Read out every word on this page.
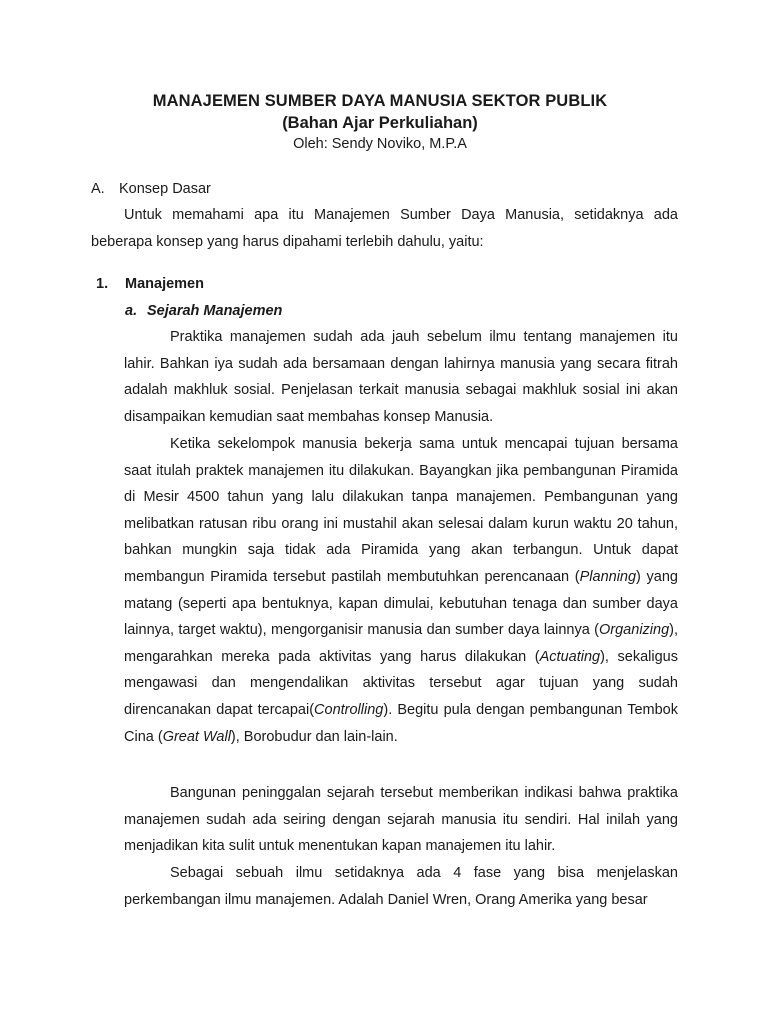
MANAJEMEN SUMBER DAYA MANUSIA SEKTOR PUBLIK

(Bahan Ajar Perkuliahan)

Oleh: Sendy Noviko, M.P.A

A. Konsep Dasar

Untuk memahami apa itu Manajemen Sumber Daya Manusia, setidaknya ada beberapa konsep yang harus dipahami terlebih dahulu, yaitu:

1. Manajemen
a. Sejarah Manajemen

Praktika manajemen sudah ada jauh sebelum ilmu tentang manajemen itu lahir. Bahkan iya sudah ada bersamaan dengan lahirnya manusia yang secara fitrah adalah makhluk sosial. Penjelasan terkait manusia sebagai makhluk sosial ini akan disampaikan kemudian saat membahas konsep Manusia.

Ketika sekelompok manusia bekerja sama untuk mencapai tujuan bersama saat itulah praktek manajemen itu dilakukan. Bayangkan jika pembangunan Piramida di Mesir 4500 tahun yang lalu dilakukan tanpa manajemen. Pembangunan yang melibatkan ratusan ribu orang ini mustahil akan selesai dalam kurun waktu 20 tahun, bahkan mungkin saja tidak ada Piramida yang akan terbangun. Untuk dapat membangun Piramida tersebut pastilah membutuhkan perencanaan (Planning) yang matang (seperti apa bentuknya, kapan dimulai, kebutuhan tenaga dan sumber daya lainnya, target waktu), mengorganisir manusia dan sumber daya lainnya (Organizing), mengarahkan mereka pada aktivitas yang harus dilakukan (Actuating), sekaligus mengawasi dan mengendalikan aktivitas tersebut agar tujuan yang sudah direncanakan dapat tercapai(Controlling). Begitu pula dengan pembangunan Tembok Cina (Great Wall), Borobudur dan lain-lain.

Bangunan peninggalan sejarah tersebut memberikan indikasi bahwa praktika manajemen sudah ada seiring dengan sejarah manusia itu sendiri. Hal inilah yang menjadikan kita sulit untuk menentukan kapan manajemen itu lahir.

Sebagai sebuah ilmu setidaknya ada 4 fase yang bisa menjelaskan perkembangan ilmu manajemen. Adalah Daniel Wren, Orang Amerika yang besar
